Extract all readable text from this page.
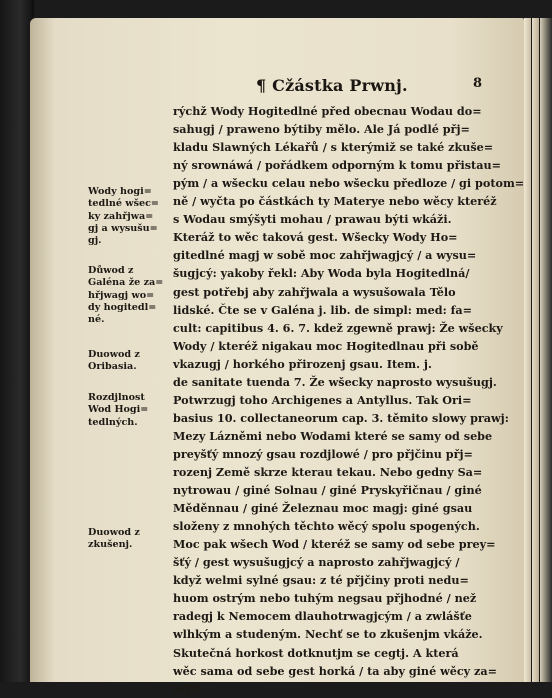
¶ Cžástka Prwnj.	8
rýchž Wody Hogitedlné před obecnau Wodau do=
sahugj / praweno býtiby mělo. Ale Já podlé přj=
kladu Slawných Lékařů / s kterýmiž se také zkuše=
ný srownáwá / pořádkem odporným k tomu přistau=
pým / a wšecku celau nebo wšecku předloze / gi potom=
ně / wyčta po částkách ty Materye nebo wěcy kteréž
s Wodau smýšyti mohau / prawau býti wkáži.
Kteráž to wěc taková gest. Wšecky Wody Ho=
gitedlné magj w sobě moc zahřjwagjcý / a wysu=
šugjcý: yakoby řekl: Aby Woda byla Hogitedlná/
gest potřebj aby zahřjwala a wysušowala Tělo
lidské. Čte se v Galéna j. lib. de simpl: med: fa=
cult: capitibus 4. 6. 7. kdež zgewně prawj: Že wšecky
Wody / kteréž nigakau moc Hogitedlnau při sobě
vkazugj / horkého přirozenj gsau. Item. j.
de sanitate tuenda 7. Že wšecky naprosto wysušugj.
Potwrzugj toho Archigenes a Antyllus. Tak Ori=
basius 10. collectaneorum cap. 3. těmito slowy prawj:
Mezy Lázněmi nebo Wodami které se samy od sebe
preyšťý mnozý gsau rozdjlowé / pro přjčinu přj=
rozenj Země skrze kterau tekau. Nebo gedny Sa=
nytrowau / giné Solnau / giné Pryskyřičnau / giné
Měděnnau / giné Železnau moc magj: giné gsau
složeny z mnohých těchto wěcý spolu spogených.
Moc pak wšech Wod / kteréž se samy od sebe prey=
šťý / gest wysušugjcý a naprosto zahřjwagjcý /
když welmi sylné gsau: z té přjčiny proti nedu=
huom ostrým nebo tuhým negsau přjhodné / než
radegj k Nemocem dlauhotrwagjcým / a zwlášťe
wlhkým a studeným. Nechť se to zkušenjm vkáže.
Skutečná horkost dotknutjm se cegtj. A která
wěc sama od sebe gest horká / ta aby giné wěcy za=
hřjti
Wody hogi=
tedlné wšec=
ky zahřjwa=
gj a wysušu=
gj.
Důwod z
Galéna že za=
hřjwagj wo=
dy hogitedl=
né.
Duowod z
Oribasia.
Rozdjlnost
Wod Hogi=
tedlných.
Duowod z
zkušenj.
